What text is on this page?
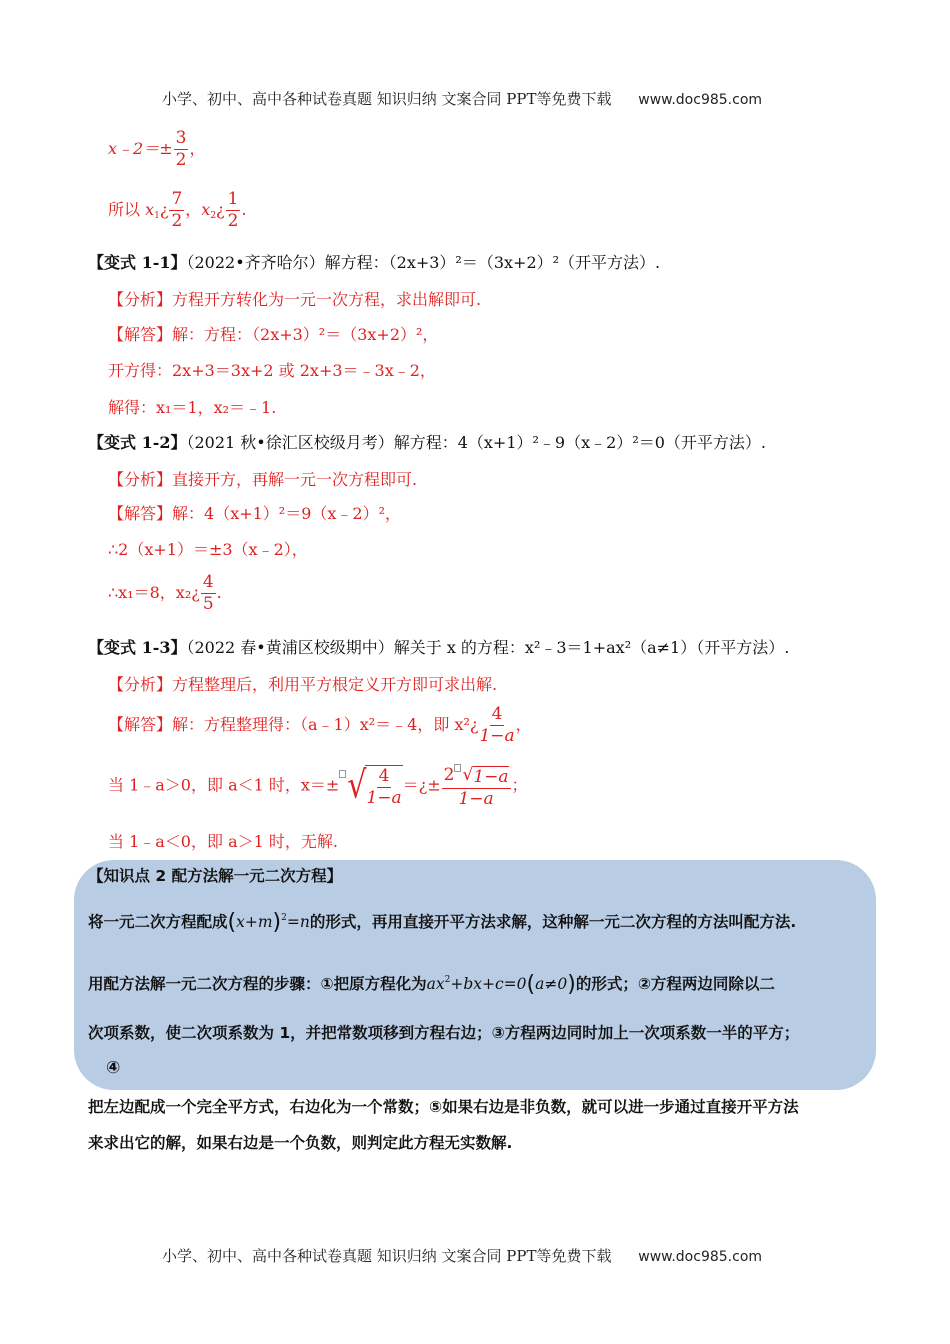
小学、初中、高中各种试卷真题 知识归纳 文案合同 PPT等免费下载 www.doc985.com
x﹣2＝± $\frac{3}{2}$ ，
所以 $x_1¿ \frac{7}{2}$ ，$x_2¿ \frac{1}{2}$ .
【变式 1-1】（2022•齐齐哈尔）解方程：（2x+3）²＝（3x+2）²（开平方法）.
【分析】方程开方转化为一元一次方程，求出解即可.
【解答】解：方程：（2x+3）²＝（3x+2）²，
开方得：2x+3＝3x+2 或 2x+3＝﹣3x﹣2，
解得：x₁＝1，x₂＝﹣1.
【变式 1-2】（2021 秋•徐汇区校级月考）解方程：4（x+1）²﹣9（x﹣2）²＝0（开平方法）.
【分析】直接开方，再解一元一次方程即可.
【解答】解：4（x+1）²＝9（x﹣2）²，
∴2（x+1）＝±3（x﹣2），
∴x₁＝8，x₂¿ $\frac{4}{5}$ .
【变式 1-3】（2022 春•黄浦区校级期中）解关于 x 的方程：x²﹣3＝1+ax²（a≠1）（开平方法）.
【分析】方程整理后，利用平方根定义开方即可求出解.
【解答】解：方程整理得：（a﹣1）x²＝﹣4，即 x²¿ $\frac{4}{1-a}$ ，
当 1﹣a＞0，即 a＜1 时，x＝± √ $\frac{4}{1-a}$ ＝¿± $\frac{2 √ 1-a}{1-a}$ ；
当 1﹣a＜0，即 a＞1 时，无解.
【知识点 2 配方法解一元二次方程】
将一元二次方程配成$(x+m)^2=n$的形式，再用直接开平方法求解，这种解一元二次方程的方法叫配方法.
用配方法解一元二次方程的步骤：①把原方程化为$ax^2+bx+c=0(a\ne 0)$的形式；②方程两边同除以二
次项系数，使二次项系数为 1，并把常数项移到方程右边；③方程两边同时加上一次项系数一半的平方；
④
把左边配成一个完全平方式，右边化为一个常数；⑤如果右边是非负数，就可以进一步通过直接开平方法
来求出它的解，如果右边是一个负数，则判定此方程无实数解.
小学、初中、高中各种试卷真题 知识归纳 文案合同 PPT等免费下载 www.doc985.com
